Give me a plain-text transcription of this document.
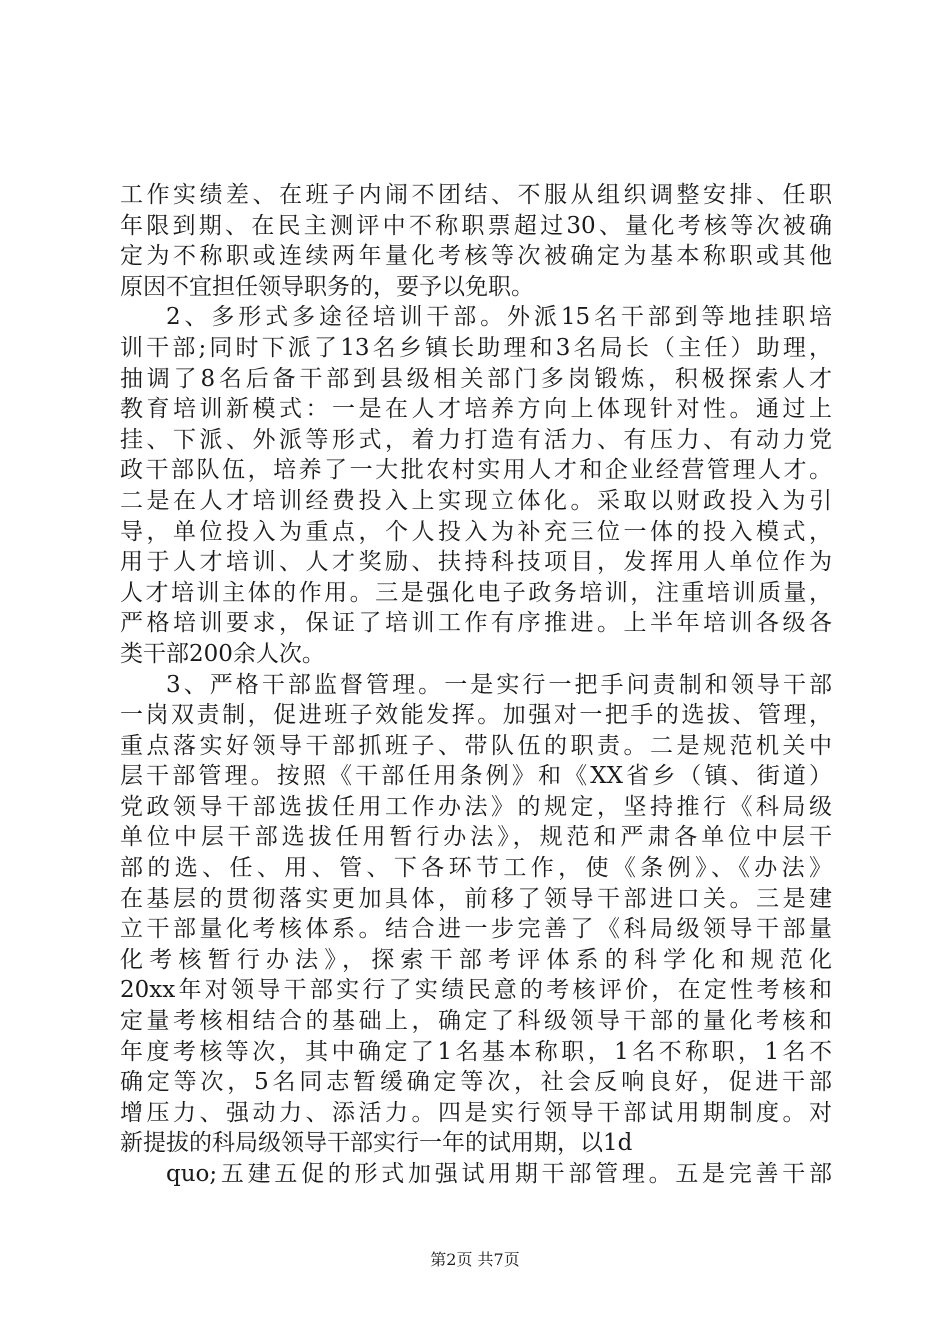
工作实绩差、在班子内闹不团结、不服从组织调整安排、任职
年限到期、在民主测评中不称职票超过30、量化考核等次被确
定为不称职或连续两年量化考核等次被确定为基本称职或其他
原因不宜担任领导职务的，要予以免职。
2、多形式多途径培训干部。外派15名干部到等地挂职培
训干部;同时下派了13名乡镇长助理和3名局长（主任）助理，
抽调了8名后备干部到县级相关部门多岗锻炼，积极探索人才
教育培训新模式：一是在人才培养方向上体现针对性。通过上
挂、下派、外派等形式，着力打造有活力、有压力、有动力党
政干部队伍，培养了一大批农村实用人才和企业经营管理人才。
二是在人才培训经费投入上实现立体化。采取以财政投入为引
导，单位投入为重点，个人投入为补充三位一体的投入模式，
用于人才培训、人才奖励、扶持科技项目，发挥用人单位作为
人才培训主体的作用。三是强化电子政务培训，注重培训质量，
严格培训要求，保证了培训工作有序推进。上半年培训各级各
类干部200余人次。
3、严格干部监督管理。一是实行一把手问责制和领导干部
一岗双责制，促进班子效能发挥。加强对一把手的选拔、管理，
重点落实好领导干部抓班子、带队伍的职责。二是规范机关中
层干部管理。按照《干部任用条例》和《XX省乡（镇、街道）
党政领导干部选拔任用工作办法》的规定，坚持推行《科局级
单位中层干部选拔任用暂行办法》，规范和严肃各单位中层干
部的选、任、用、管、下各环节工作，使《条例》、《办法》
在基层的贯彻落实更加具体，前移了领导干部进口关。三是建
立干部量化考核体系。结合进一步完善了《科局级领导干部量
化考核暂行办法》，探索干部考评体系的科学化和规范化
20xx年对领导干部实行了实绩民意的考核评价，在定性考核和
定量考核相结合的基础上，确定了科级领导干部的量化考核和
年度考核等次，其中确定了1名基本称职，1名不称职，1名不
确定等次，5名同志暂缓确定等次，社会反响良好，促进干部
增压力、强动力、添活力。四是实行领导干部试用期制度。对
新提拔的科局级领导干部实行一年的试用期，以1d
quo;五建五促的形式加强试用期干部管理。五是完善干部
第2页 共7页
